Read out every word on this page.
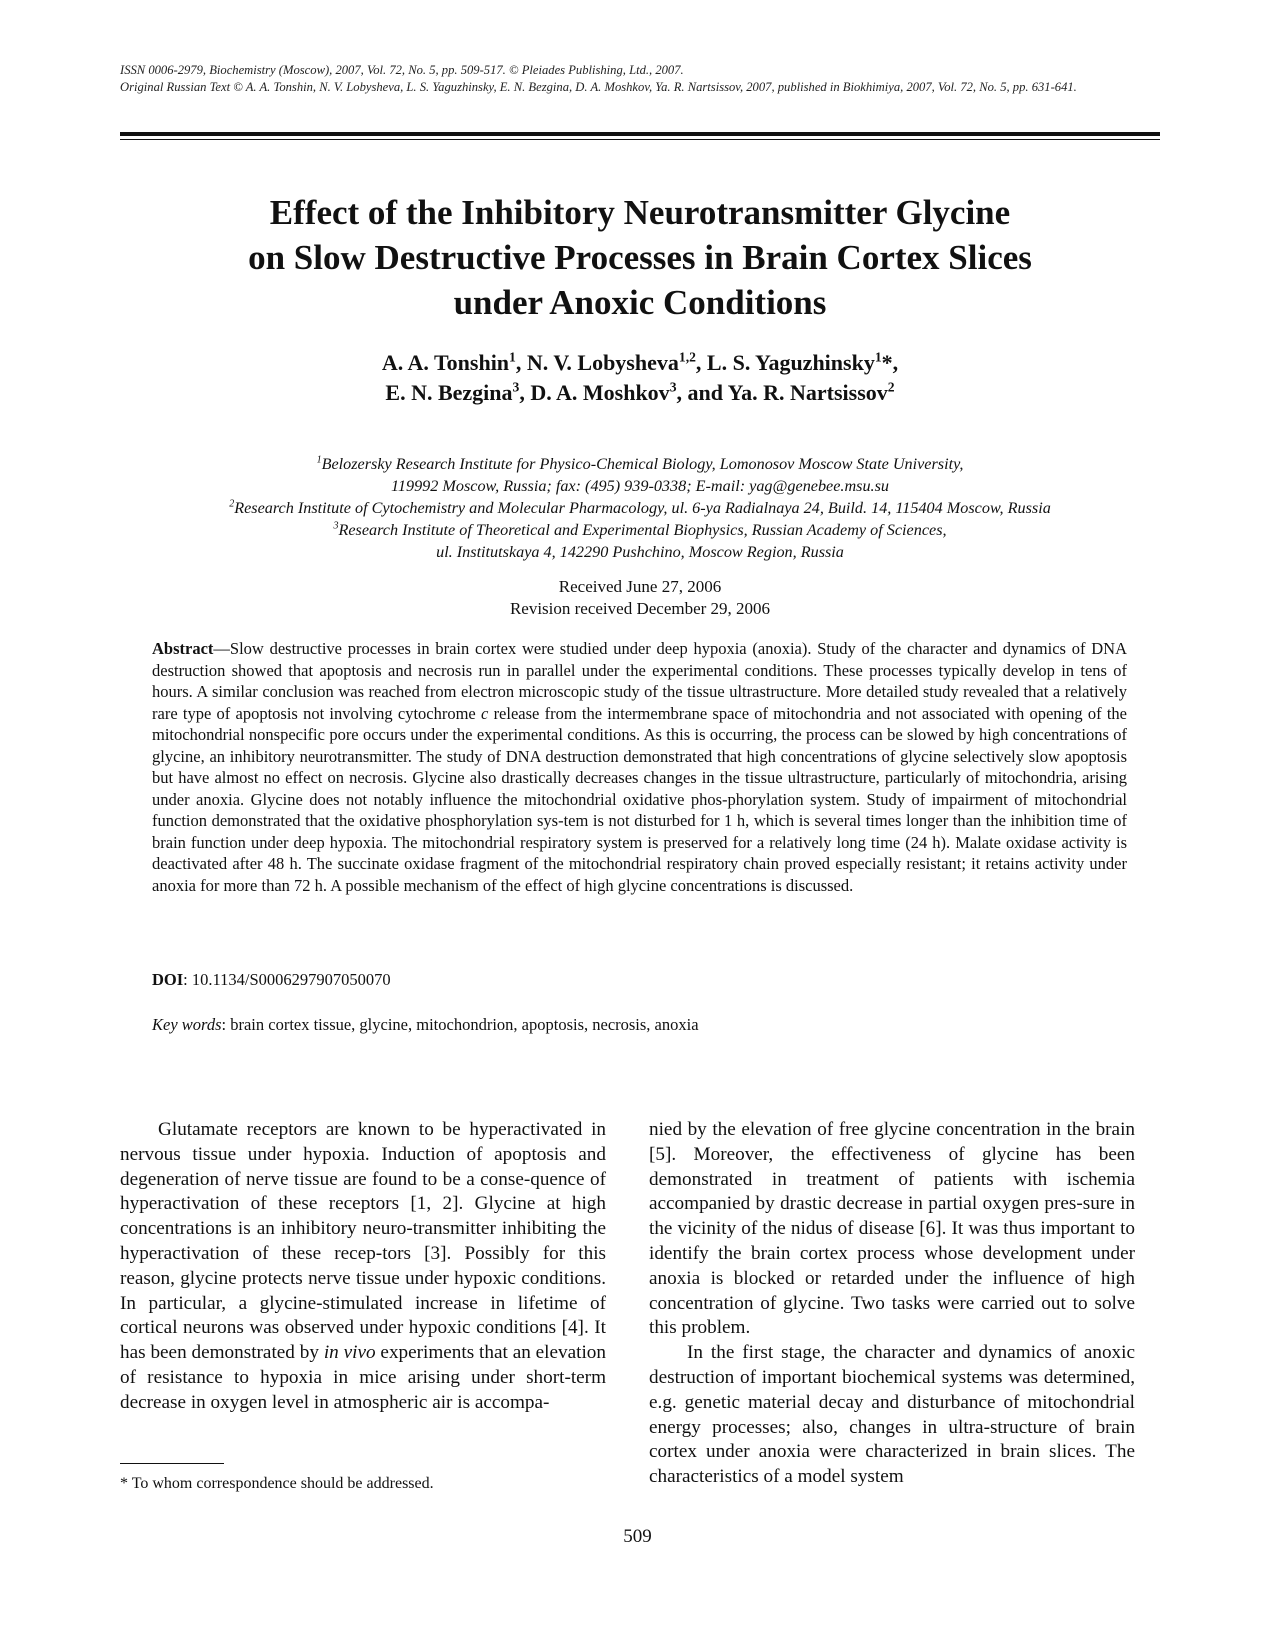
ISSN 0006-2979, Biochemistry (Moscow), 2007, Vol. 72, No. 5, pp. 509-517. © Pleiades Publishing, Ltd., 2007.
Original Russian Text © A. A. Tonshin, N. V. Lobysheva, L. S. Yaguzhinsky, E. N. Bezgina, D. A. Moshkov, Ya. R. Nartsissov, 2007, published in Biokhimiya, 2007, Vol. 72, No. 5, pp. 631-641.
Effect of the Inhibitory Neurotransmitter Glycine
on Slow Destructive Processes in Brain Cortex Slices
under Anoxic Conditions
A. A. Tonshin$^1$, N. V. Lobysheva$^{1,2}$, L. S. Yaguzhinsky$^1$*,
E. N. Bezgina$^3$, D. A. Moshkov$^3$, and Ya. R. Nartsissov$^2$
$^1$Belozersky Research Institute for Physico-Chemical Biology, Lomonosov Moscow State University,
119992 Moscow, Russia; fax: (495) 939-0338; E-mail: yag@genebee.msu.su
$^2$Research Institute of Cytochemistry and Molecular Pharmacology, ul. 6-ya Radialnaya 24, Build. 14, 115404 Moscow, Russia
$^3$Research Institute of Theoretical and Experimental Biophysics, Russian Academy of Sciences,
ul. Institutskaya 4, 142290 Pushchino, Moscow Region, Russia
Received June 27, 2006
Revision received December 29, 2006
Abstract—Slow destructive processes in brain cortex were studied under deep hypoxia (anoxia). Study of the character and dynamics of DNA destruction showed that apoptosis and necrosis run in parallel under the experimental conditions. These processes typically develop in tens of hours. A similar conclusion was reached from electron microscopic study of the tissue ultrastructure. More detailed study revealed that a relatively rare type of apoptosis not involving cytochrome c release from the intermembrane space of mitochondria and not associated with opening of the mitochondrial nonspecific pore occurs under the experimental conditions. As this is occurring, the process can be slowed by high concentrations of glycine, an inhibitory neurotransmitter. The study of DNA destruction demonstrated that high concentrations of glycine selectively slow apoptosis but have almost no effect on necrosis. Glycine also drastically decreases changes in the tissue ultrastructure, particularly of mitochondria, arising under anoxia. Glycine does not notably influence the mitochondrial oxidative phos-phorylation system. Study of impairment of mitochondrial function demonstrated that the oxidative phosphorylation sys-tem is not disturbed for 1 h, which is several times longer than the inhibition time of brain function under deep hypoxia. The mitochondrial respiratory system is preserved for a relatively long time (24 h). Malate oxidase activity is deactivated after 48 h. The succinate oxidase fragment of the mitochondrial respiratory chain proved especially resistant; it retains activity under anoxia for more than 72 h. A possible mechanism of the effect of high glycine concentrations is discussed.
DOI: 10.1134/S0006297907050070
Key words: brain cortex tissue, glycine, mitochondrion, apoptosis, necrosis, anoxia

Glutamate receptors are known to be hyperactivated in nervous tissue under hypoxia. Induction of apoptosis and degeneration of nerve tissue are found to be a conse-quence of hyperactivation of these receptors [1, 2]. Glycine at high concentrations is an inhibitory neuro-transmitter inhibiting the hyperactivation of these recep-tors [3]. Possibly for this reason, glycine protects nerve tissue under hypoxic conditions. In particular, a glycine-stimulated increase in lifetime of cortical neurons was observed under hypoxic conditions [4]. It has been demonstrated by in vivo experiments that an elevation of resistance to hypoxia in mice arising under short-term decrease in oxygen level in atmospheric air is accompa-

nied by the elevation of free glycine concentration in the brain [5]. Moreover, the effectiveness of glycine has been demonstrated in treatment of patients with ischemia accompanied by drastic decrease in partial oxygen pres-sure in the vicinity of the nidus of disease [6]. It was thus important to identify the brain cortex process whose development under anoxia is blocked or retarded under the influence of high concentration of glycine. Two tasks were carried out to solve this problem.

In the first stage, the character and dynamics of anoxic destruction of important biochemical systems was determined, e.g. genetic material decay and disturbance of mitochondrial energy processes; also, changes in ultra-structure of brain cortex under anoxia were characterized in brain slices. The characteristics of a model system

* To whom correspondence should be addressed.
509
